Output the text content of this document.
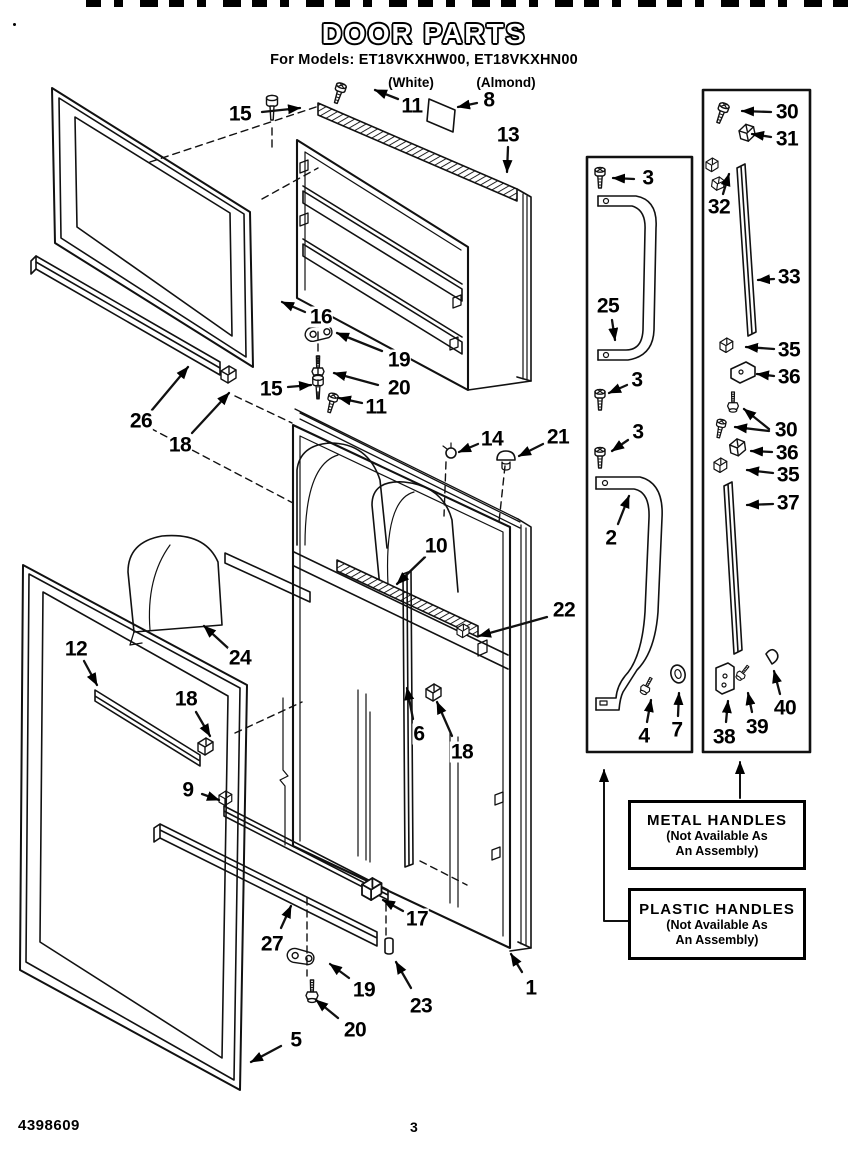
DOOR PARTS
For Models: ET18VKXHW00, ET18VKXHN00
(White)	(Almond)
15	11	8
13
16
19
20
26
18
15
11
14 21
10
22
24
12
18
9
6
18
17
27
19
20
23
5
1
3
25
3
3
2
4 7
30
31
32
33
35
36
30
36
35
37
38 39
40
METAL HANDLES
(Not Available As
An Assembly)
PLASTIC HANDLES
(Not Available As
An Assembly)
4398609	3
